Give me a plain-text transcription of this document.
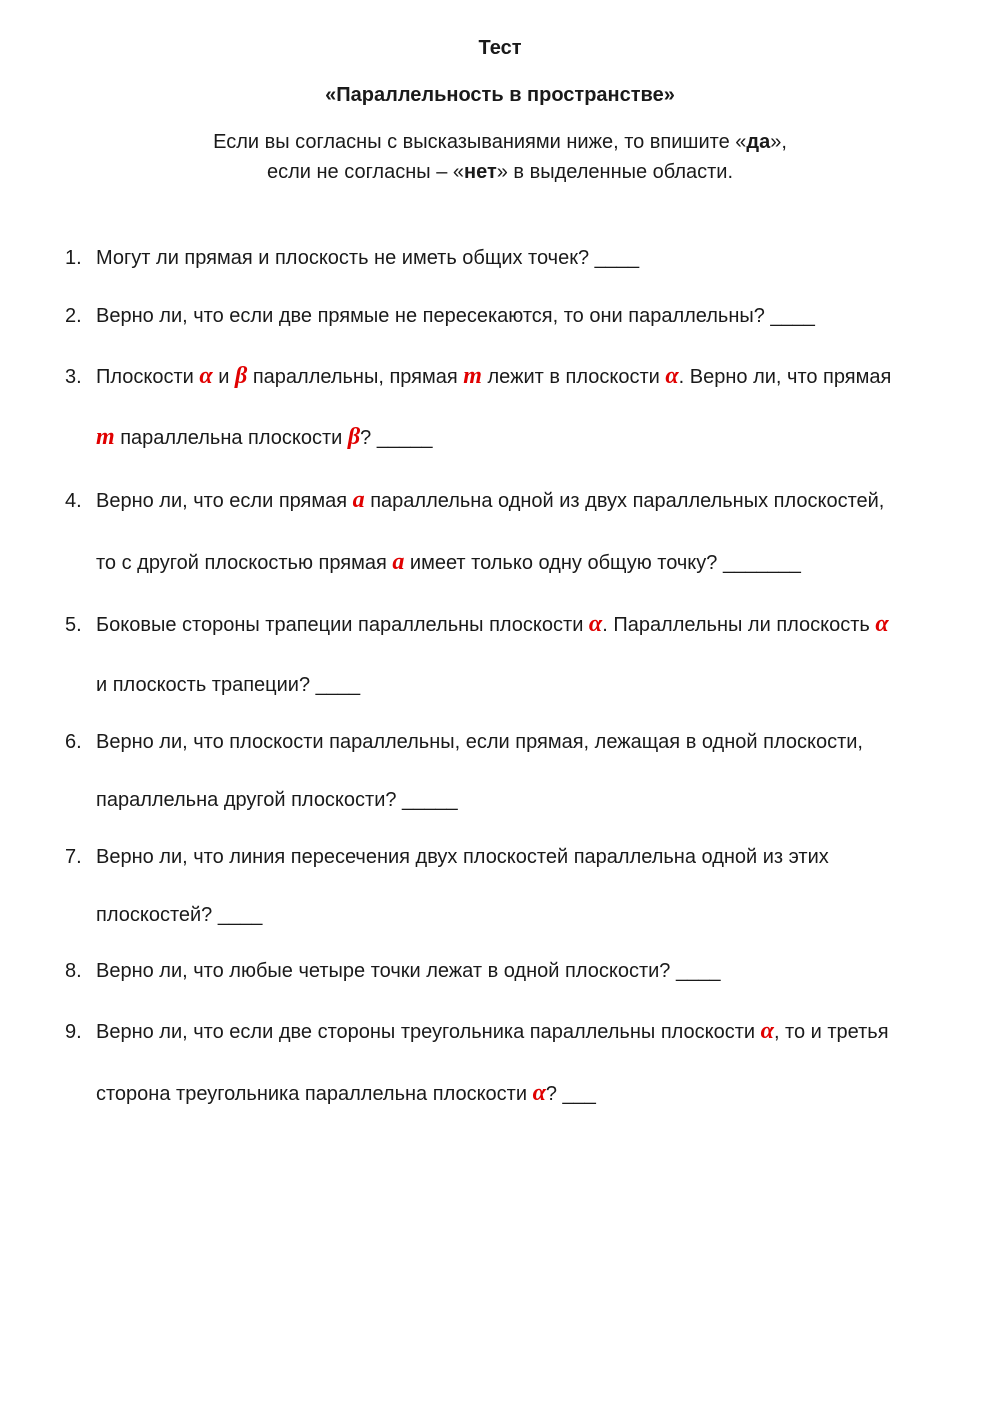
Тест
«Параллельность в пространстве»
Если вы согласны с высказываниями ниже, то впишите «да»,
если не согласны – «нет» в выделенные области.
1. Могут ли прямая и плоскость не иметь общих точек? ____
2. Верно ли, что если две прямые не пересекаются, то они параллельны? ____
3. Плоскости α и β параллельны, прямая m лежит в плоскости α. Верно ли, что прямая
m параллельна плоскости β? _____
4. Верно ли, что если прямая a параллельна одной из двух параллельных плоскостей,
то с другой плоскостью прямая a имеет только одну общую точку? _______
5. Боковые стороны трапеции параллельны плоскости α. Параллельны ли плоскость α
и плоскость трапеции? ____
6. Верно ли, что плоскости параллельны, если прямая, лежащая в одной плоскости,
параллельна другой плоскости? _____
7. Верно ли, что линия пересечения двух плоскостей параллельна одной из этих
плоскостей? ____
8. Верно ли, что любые четыре точки лежат в одной плоскости? ____
9. Верно ли, что если две стороны треугольника параллельны плоскости α, то и третья
сторона треугольника параллельна плоскости α? ___
